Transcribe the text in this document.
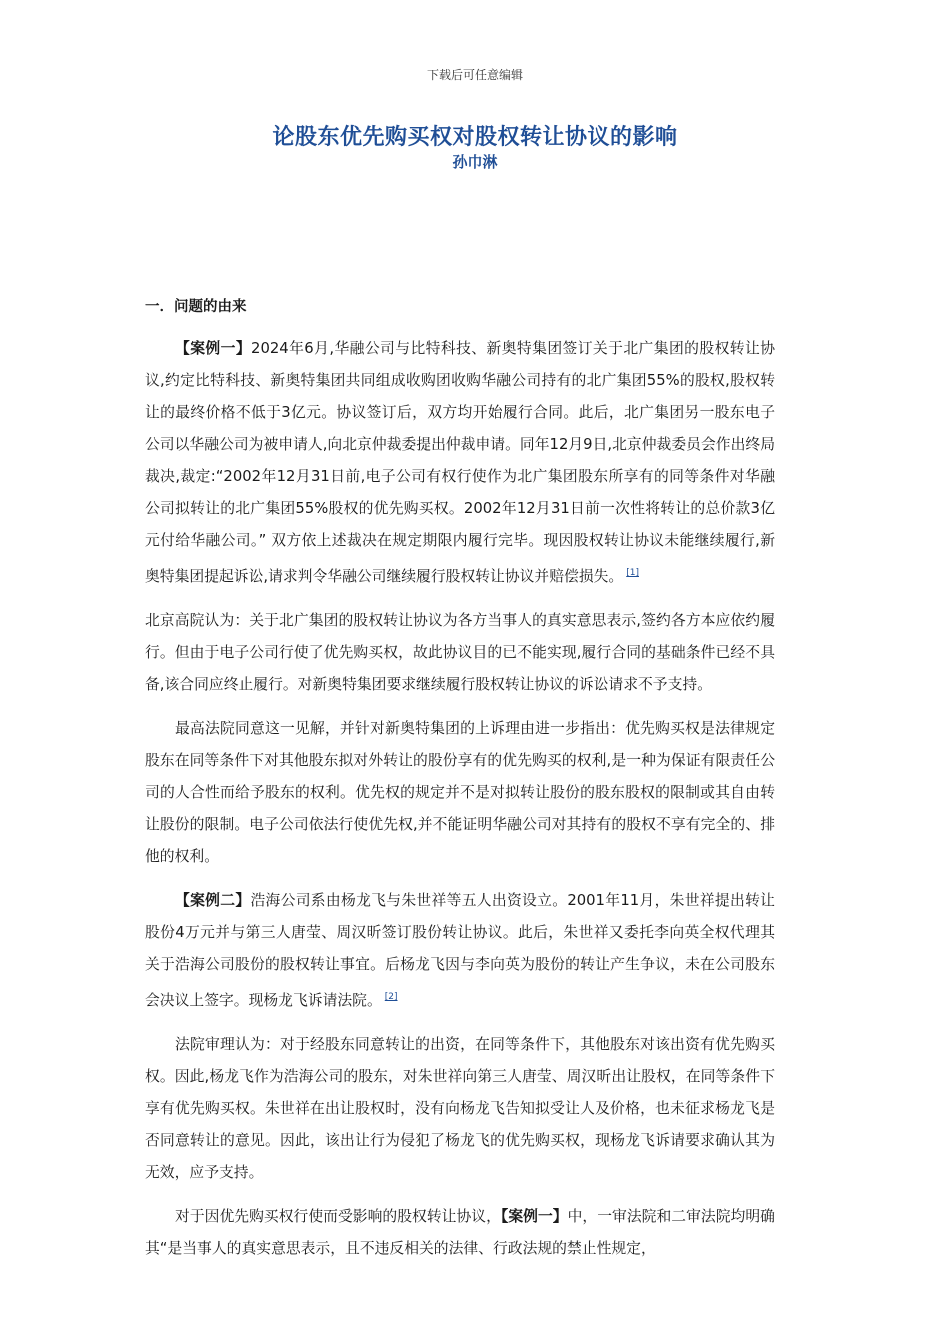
下载后可任意编辑
论股东优先购买权对股权转让协议的影响
孙巾淋
一．问题的由来

【案例一】2024年6月,华融公司与比特科技、新奥特集团签订关于北广集团的股权转让协议,约定比特科技、新奥特集团共同组成收购团收购华融公司持有的北广集团55%的股权,股权转让的最终价格不低于3亿元。协议签订后，双方均开始履行合同。此后，北广集团另一股东电子公司以华融公司为被申请人,向北京仲裁委提出仲裁申请。同年12月9日,北京仲裁委员会作出终局裁决,裁定:“2002年12月31日前,电子公司有权行使作为北广集团股东所享有的同等条件对华融公司拟转让的北广集团55%股权的优先购买权。2002年12月31日前一次性将转让的总价款3亿元付给华融公司。” 双方依上述裁决在规定期限内履行完毕。现因股权转让协议未能继续履行,新奥特集团提起诉讼,请求判令华融公司继续履行股权转让协议并赔偿损失。 [1]

北京高院认为：关于北广集团的股权转让协议为各方当事人的真实意思表示,签约各方本应依约履行。但由于电子公司行使了优先购买权，故此协议目的已不能实现,履行合同的基础条件已经不具备,该合同应终止履行。对新奥特集团要求继续履行股权转让协议的诉讼请求不予支持。

最高法院同意这一见解，并针对新奥特集团的上诉理由进一步指出：优先购买权是法律规定股东在同等条件下对其他股东拟对外转让的股份享有的优先购买的权利,是一种为保证有限责任公司的人合性而给予股东的权利。优先权的规定并不是对拟转让股份的股东股权的限制或其自由转让股份的限制。电子公司依法行使优先权,并不能证明华融公司对其持有的股权不享有完全的、排他的权利。

【案例二】浩海公司系由杨龙飞与朱世祥等五人出资设立。2001年11月，朱世祥提出转让股份4万元并与第三人唐莹、周汉昕签订股份转让协议。此后，朱世祥又委托李向英全权代理其关于浩海公司股份的股权转让事宜。后杨龙飞因与李向英为股份的转让产生争议，未在公司股东会决议上签字。现杨龙飞诉请法院。 [2]

法院审理认为：对于经股东同意转让的出资，在同等条件下，其他股东对该出资有优先购买权。因此,杨龙飞作为浩海公司的股东，对朱世祥向第三人唐莹、周汉昕出让股权，在同等条件下享有优先购买权。朱世祥在出让股权时，没有向杨龙飞告知拟受让人及价格，也未征求杨龙飞是否同意转让的意见。因此，该出让行为侵犯了杨龙飞的优先购买权，现杨龙飞诉请要求确认其为无效，应予支持。

对于因优先购买权行使而受影响的股权转让协议，【案例一】中，一审法院和二审法院均明确其“是当事人的真实意思表示，且不违反相关的法律、行政法规的禁止性规定，
